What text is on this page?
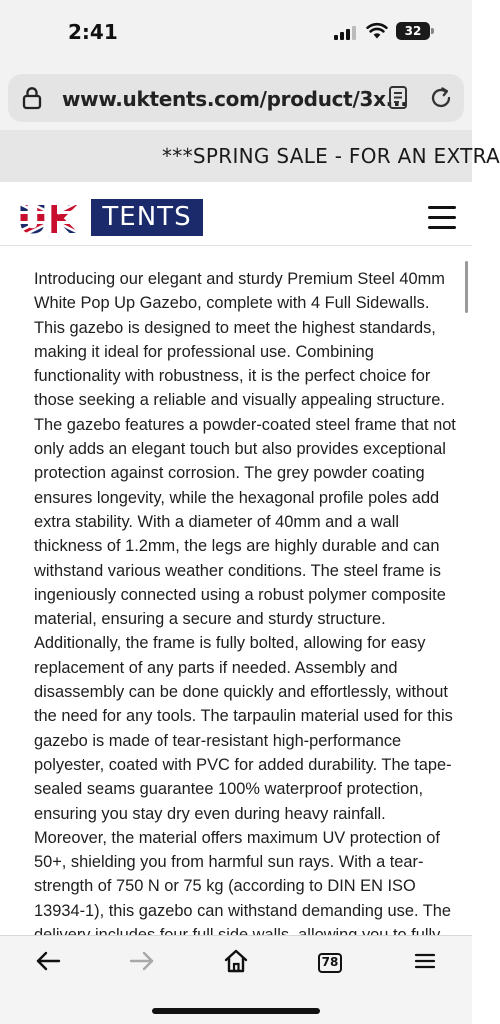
2:41	32
www.uktents.com/product/3x...
***SPRING SALE - FOR AN EXTRA
TENTS
Introducing our elegant and sturdy Premium Steel 40mm
White Pop Up Gazebo, complete with 4 Full Sidewalls.
This gazebo is designed to meet the highest standards,
making it ideal for professional use. Combining
functionality with robustness, it is the perfect choice for
those seeking a reliable and visually appealing structure.
The gazebo features a powder-coated steel frame that not
only adds an elegant touch but also provides exceptional
protection against corrosion. The grey powder coating
ensures longevity, while the hexagonal profile poles add
extra stability. With a diameter of 40mm and a wall
thickness of 1.2mm, the legs are highly durable and can
withstand various weather conditions. The steel frame is
ingeniously connected using a robust polymer composite
material, ensuring a secure and sturdy structure.
Additionally, the frame is fully bolted, allowing for easy
replacement of any parts if needed. Assembly and
disassembly can be done quickly and effortlessly, without
the need for any tools. The tarpaulin material used for this
gazebo is made of tear-resistant high-performance
polyester, coated with PVC for added durability. The tape-
sealed seams guarantee 100% waterproof protection,
ensuring you stay dry even during heavy rainfall.
Moreover, the material offers maximum UV protection of
50+, shielding you from harmful sun rays. With a tear-
strength of 750 N or 75 kg (according to DIN EN ISO
13934-1), this gazebo can withstand demanding use. The
78
